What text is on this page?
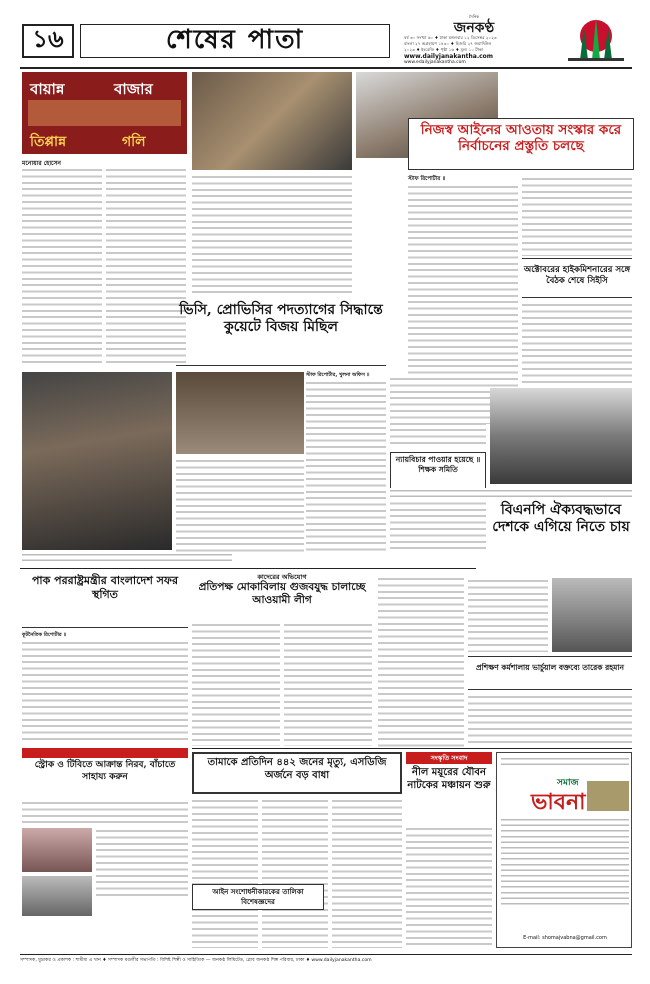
১৬	শেষের পাতা
দৈনিক
জনকণ্ঠ
বর্ষ ৩০ সংখ্যা ৬০ ♦ ঢাকা মঙ্গলবার ১২ ডিসেম্বর ২০২৩
বাংলা ২৭ অগ্রহায়ণ ১৪৩০ ♦ হিজরি ২৭ জমাদিউল
২০২৩ ♦ ইংরেজি ♦ পৃষ্ঠা ১৬ ♦ মূল্য ১০ টাকা
www.dailyjanakantha.com
www.edailyjanakantha.com
বায়ান্ন	বাজার
তিপ্পান্ন	গলি
মনোয়ার হোসেন
নিজস্ব আইনের আওতায় সংস্কার করে নির্বাচনের প্রস্তুতি চলছে
স্টাফ রিপোর্টার ॥
অক্টোবরের হাইকমিশনারের সঙ্গে বৈঠক শেষে সিইসি
ভিসি, প্রোভিসির পদত্যাগের সিদ্ধান্তে কুয়েটে বিজয় মিছিল
স্টাফ রিপোর্টার, খুলনা অফিস ॥
ন্যায়বিচার পাওয়ার হয়েছে ॥ শিক্ষক সমিতি
বিএনপি ঐক্যবদ্ধভাবে দেশকে এগিয়ে নিতে চায়
পাক পররাষ্ট্রমন্ত্রীর বাংলাদেশ সফর স্থগিত
কূটনৈতিক রিপোর্টার ॥
কাদেরের অভিযোগ
প্রতিপক্ষ মোকাবিলায় গুজবযুদ্ধ চালাচ্ছে আওয়ামী লীগ
প্রশিক্ষণ কর্মশালায় ভার্চুয়াল বক্তব্যে তারেক রহমান
স্ট্রোক ও টিবিতে আক্রান্ত নিরব, বাঁচাতে সাহায্য করুন
তামাকে প্রতিদিন ৪৪২ জনের মৃত্যু, এসডিজি অর্জনে বড় বাধা
আইন সংশোধনীকারকের তালিকা বিশেষজ্ঞদের
সংস্কৃতি সংবাদ
নীল ময়ূরের যৌবন নাটকের মঞ্চায়ন শুরু	সমাজ
ভাবনা
E-mail: shomajvabna@gmail.com
সম্পাদক, মুদ্রাকর ও প্রকাশক : শামীমা এ খান ♦ সম্পাদক মণ্ডলীর সভাপতি : বিশিষ্ট শিল্পী ও সাহিত্যিক — জনকণ্ঠ লিমিটেড, গ্লোব জনকণ্ঠ শিল্প পরিবার, ঢাকা ♦ www.dailyjanakantha.com
